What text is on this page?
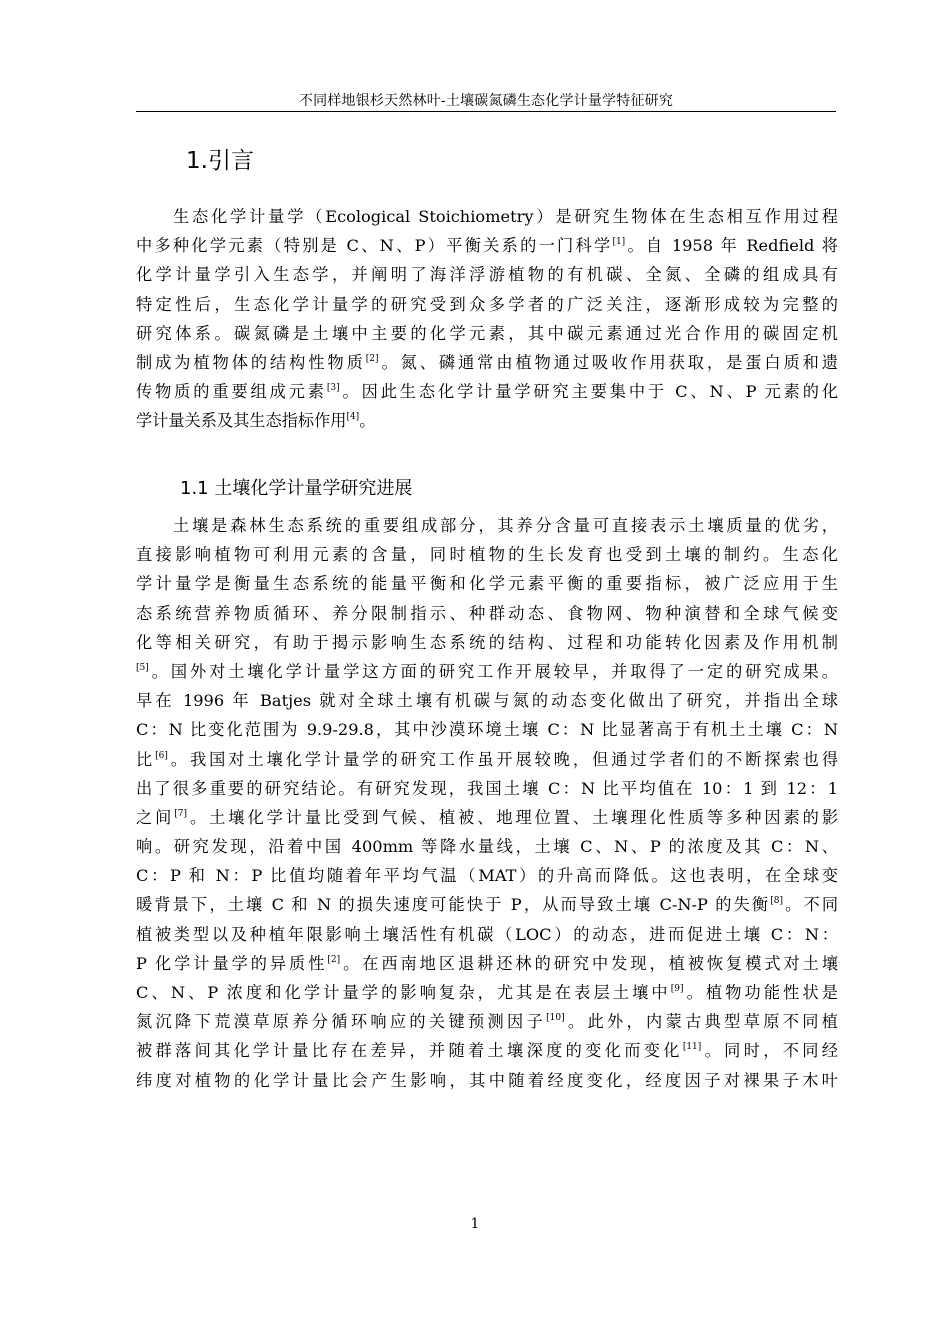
不同样地银杉天然林叶-土壤碳氮磷生态化学计量学特征研究
1.引言
生态化学计量学（Ecological Stoichiometry）是研究生物体在生态相互作用过程
中多种化学元素（特别是 C、N、P）平衡关系的一门科学[1]。自 1958 年 Redfield 将
化学计量学引入生态学，并阐明了海洋浮游植物的有机碳、全氮、全磷的组成具有
特定性后，生态化学计量学的研究受到众多学者的广泛关注，逐渐形成较为完整的
研究体系。碳氮磷是土壤中主要的化学元素，其中碳元素通过光合作用的碳固定机
制成为植物体的结构性物质[2]。氮、磷通常由植物通过吸收作用获取，是蛋白质和遗
传物质的重要组成元素[3]。因此生态化学计量学研究主要集中于 C、N、P 元素的化
学计量关系及其生态指标作用[4]。
1.1 土壤化学计量学研究进展
土壤是森林生态系统的重要组成部分，其养分含量可直接表示土壤质量的优劣，
直接影响植物可利用元素的含量，同时植物的生长发育也受到土壤的制约。生态化
学计量学是衡量生态系统的能量平衡和化学元素平衡的重要指标，被广泛应用于生
态系统营养物质循环、养分限制指示、种群动态、食物网、物种演替和全球气候变
化等相关研究，有助于揭示影响生态系统的结构、过程和功能转化因素及作用机制
[5]。国外对土壤化学计量学这方面的研究工作开展较早，并取得了一定的研究成果。
早在 1996 年 Batjes 就对全球土壤有机碳与氮的动态变化做出了研究，并指出全球
C：N 比变化范围为 9.9-29.8，其中沙漠环境土壤 C：N 比显著高于有机土土壤 C：N
比[6]。我国对土壤化学计量学的研究工作虽开展较晚，但通过学者们的不断探索也得
出了很多重要的研究结论。有研究发现，我国土壤 C：N 比平均值在 10：1 到 12：1
之间[7]。土壤化学计量比受到气候、植被、地理位置、土壤理化性质等多种因素的影
响。研究发现，沿着中国 400mm 等降水量线，土壤 C、N、P 的浓度及其 C：N、
C：P 和 N：P 比值均随着年平均气温（MAT）的升高而降低。这也表明，在全球变
暖背景下，土壤 C 和 N 的损失速度可能快于 P，从而导致土壤 C-N-P 的失衡[8]。不同
植被类型以及种植年限影响土壤活性有机碳（LOC）的动态，进而促进土壤 C：N：
P 化学计量学的异质性[2]。在西南地区退耕还林的研究中发现，植被恢复模式对土壤
C、N、P 浓度和化学计量学的影响复杂，尤其是在表层土壤中[9]。植物功能性状是
氮沉降下荒漠草原养分循环响应的关键预测因子[10]。此外，内蒙古典型草原不同植
被群落间其化学计量比存在差异，并随着土壤深度的变化而变化[11]。同时，不同经
纬度对植物的化学计量比会产生影响，其中随着经度变化，经度因子对裸果子木叶
1
